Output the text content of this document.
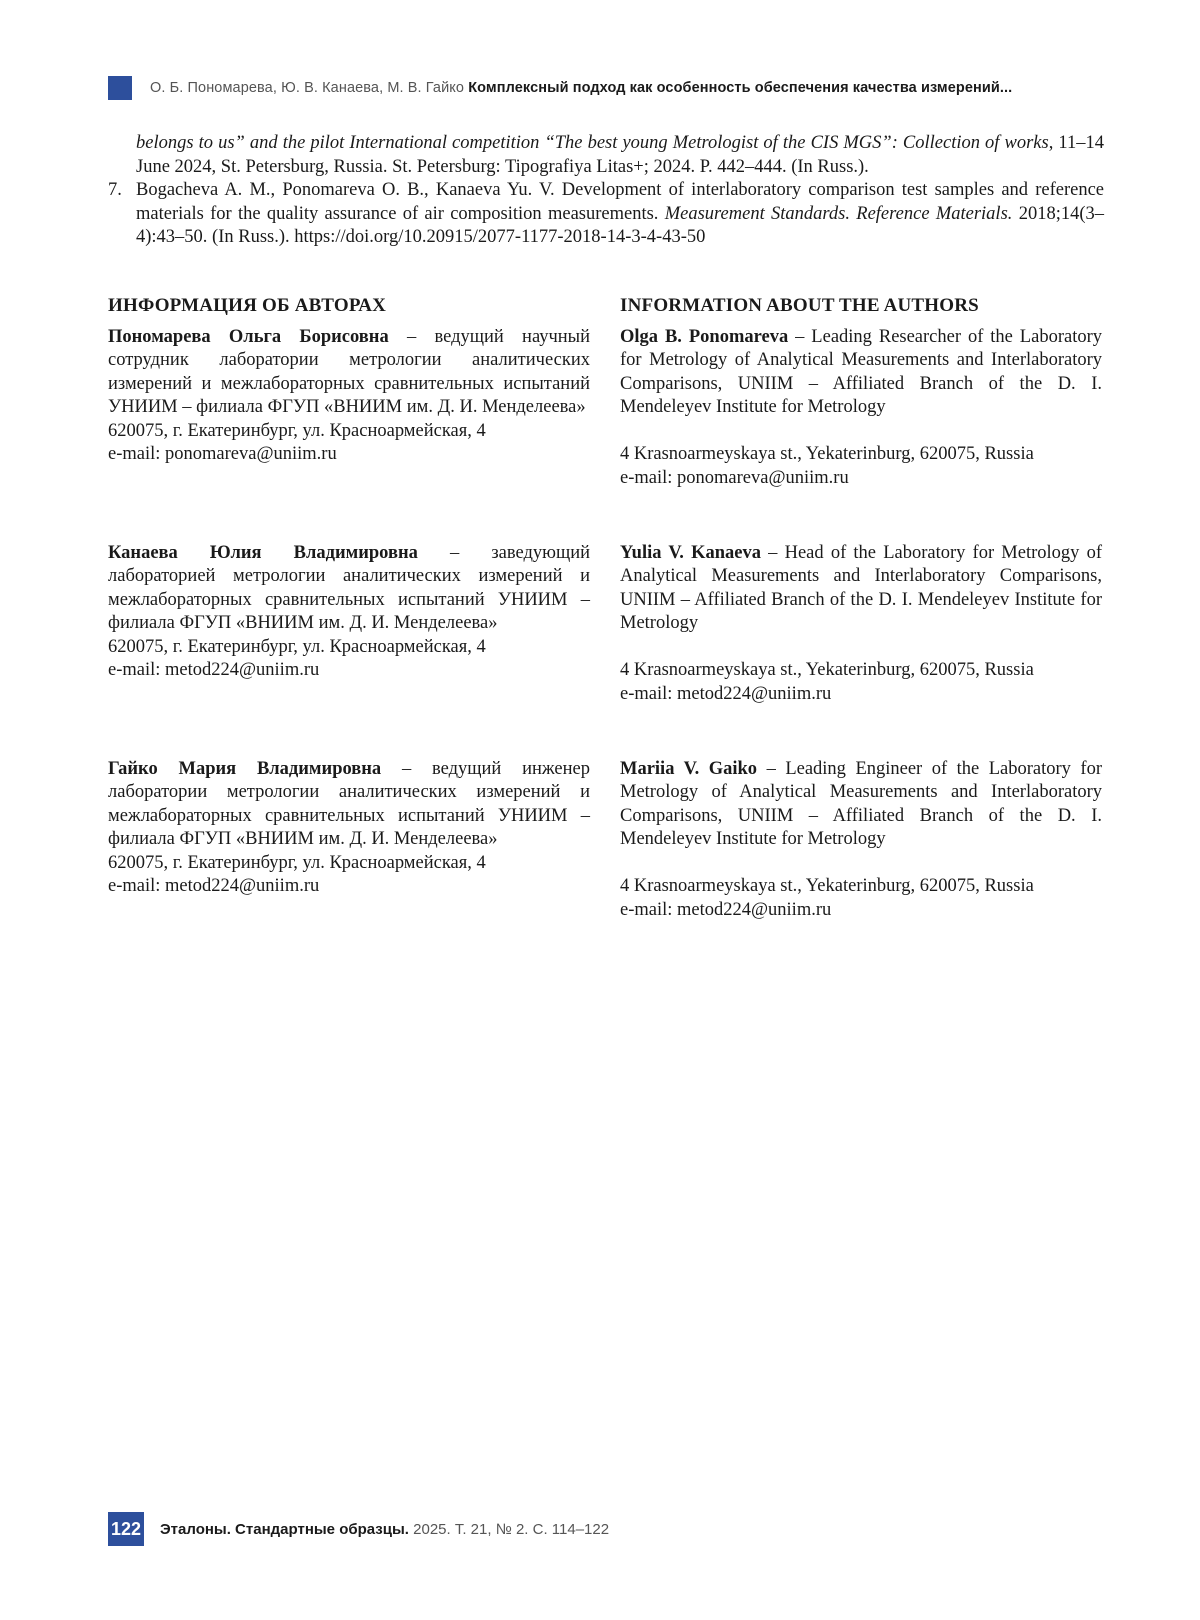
О. Б. Пономарева, Ю. В. Канаева, М. В. Гайко Комплексный подход как особенность обеспечения качества измерений...
belongs to us” and the pilot International competition “The best young Metrologist of the CIS MGS”: Collection of works, 11–14 June 2024, St. Petersburg, Russia. St. Petersburg: Tipografiya Litas+; 2024. P. 442–444. (In Russ.).
7. Bogacheva A. M., Ponomareva O. B., Kanaeva Yu. V. Development of interlaboratory comparison test samples and reference materials for the quality assurance of air composition measurements. Measurement Standards. Reference Materials. 2018;14(3–4):43–50. (In Russ.). https://doi.org/10.20915/2077-1177-2018-14-3-4-43-50
ИНФОРМАЦИЯ ОБ АВТОРАХ

Пономарева Ольга Борисовна – ведущий научный сотрудник лаборатории метрологии аналитических измерений и межлабораторных сравнительных испытаний УНИИМ – филиала ФГУП «ВНИИМ им. Д. И. Менделеева»

620075, г. Екатеринбург, ул. Красноармейская, 4

e-mail: ponomareva@uniim.ru

Канаева Юлия Владимировна – заведующий лабораторией метрологии аналитических измерений и межлабораторных сравнительных испытаний УНИИМ – филиала ФГУП «ВНИИМ им. Д. И. Менделеева»

620075, г. Екатеринбург, ул. Красноармейская, 4

e-mail: metod224@uniim.ru

Гайко Мария Владимировна – ведущий инженер лаборатории метрологии аналитических измерений и межлабораторных сравнительных испытаний УНИИМ – филиала ФГУП «ВНИИМ им. Д. И. Менделеева»

620075, г. Екатеринбург, ул. Красноармейская, 4

e-mail: metod224@uniim.ru

INFORMATION ABOUT THE AUTHORS

Olga B. Ponomareva – Leading Researcher of the Laboratory for Metrology of Analytical Measurements and Interlaboratory Comparisons, UNIIM – Affiliated Branch of the D. I. Mendeleyev Institute for Metrology

4 Krasnoarmeyskaya st., Yekaterinburg, 620075, Russia

e-mail: ponomareva@uniim.ru

Yulia V. Kanaeva – Head of the Laboratory for Metrology of Analytical Measurements and Interlaboratory Comparisons, UNIIM – Affiliated Branch of the D. I. Mendeleyev Institute for Metrology

4 Krasnoarmeyskaya st., Yekaterinburg, 620075, Russia

e-mail: metod224@uniim.ru

Mariia V. Gaiko – Leading Engineer of the Laboratory for Metrology of Analytical Measurements and Interlaboratory Comparisons, UNIIM – Affiliated Branch of the D. I. Mendeleyev Institute for Metrology

4 Krasnoarmeyskaya st., Yekaterinburg, 620075, Russia

e-mail: metod224@uniim.ru

122 Эталоны. Стандартные образцы. 2025. Т. 21, № 2. С. 114–122
